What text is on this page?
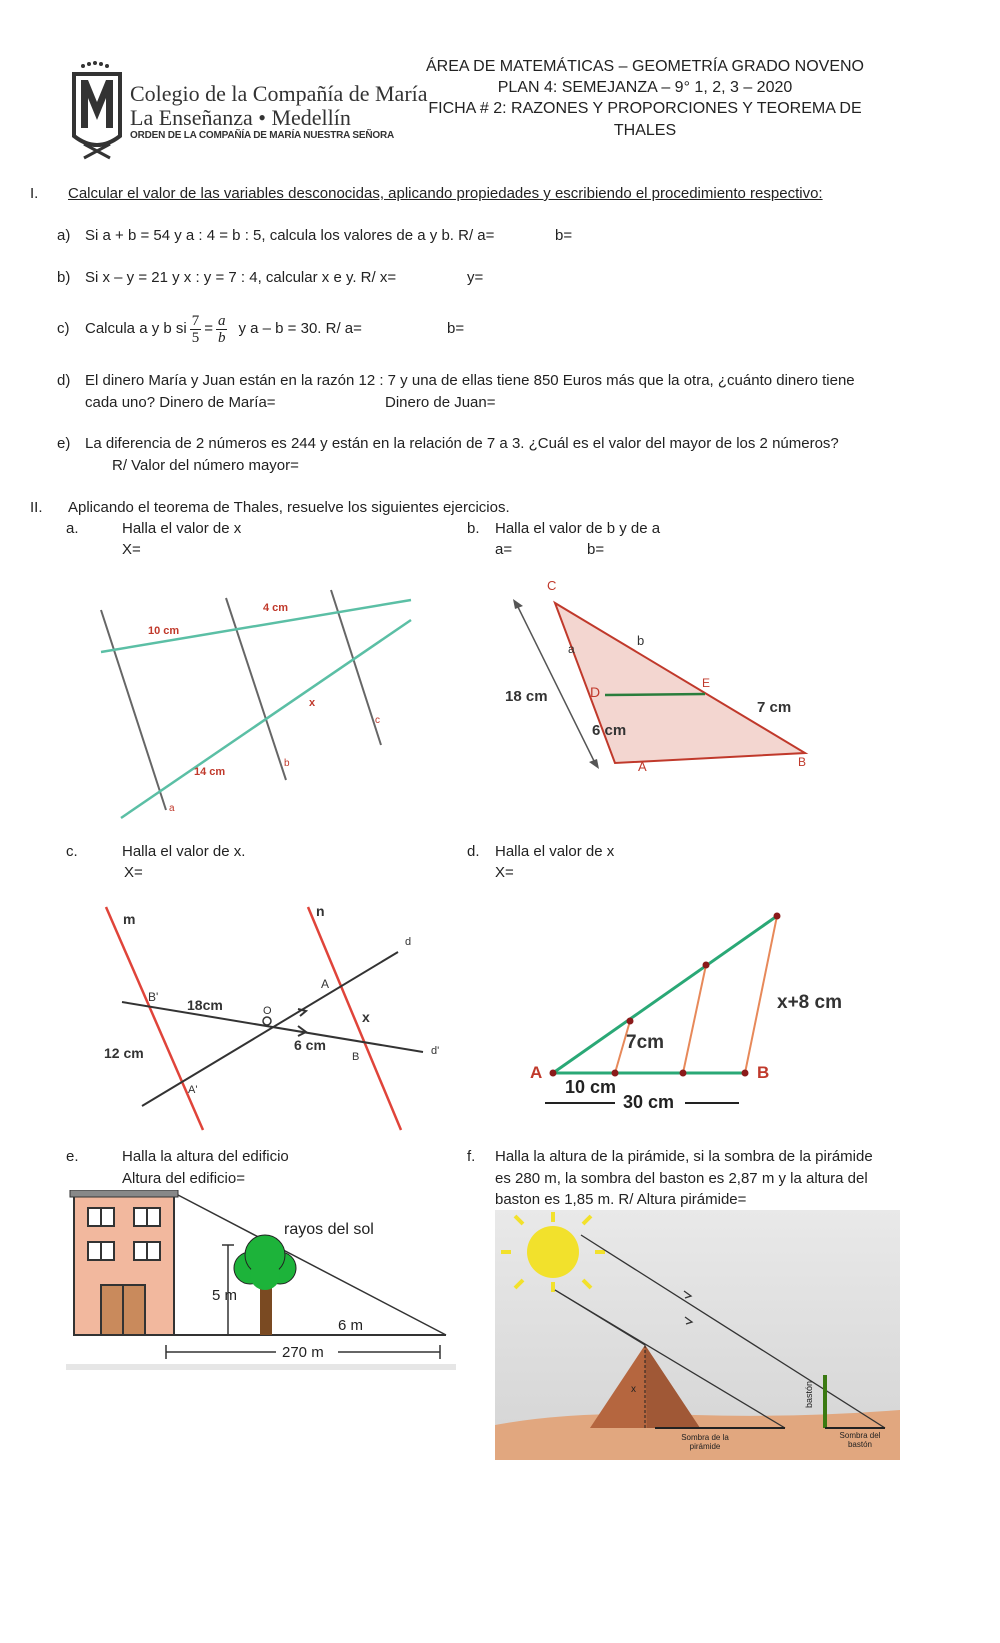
Colegio de la Compañía de María
La Enseñanza • Medellín
ORDEN DE LA COMPAÑÍA DE MARÍA NUESTRA SEÑORA
ÁREA DE MATEMÁTICAS – GEOMETRÍA GRADO NOVENO
PLAN 4: SEMEJANZA – 9° 1, 2, 3 – 2020
FICHA # 2: RAZONES Y PROPORCIONES Y TEOREMA DE THALES
I. Calcular el valor de las variables desconocidas, aplicando propiedades y escribiendo el procedimiento respectivo:
a) Si a + b = 54 y a : 4 = b : 5, calcula los valores de a y b. R/ a=	b=
b) Si x – y = 21 y x : y = 7 : 4, calcular x e y. R/ x=	y=
c) Calcula a y b si $\frac{7}{5} = \frac{a}{b}$ y a – b = 30. R/ a=	b=
d) El dinero María y Juan están en la razón 12 : 7 y una de ellas tiene 850 Euros más que la otra, ¿cuánto dinero tiene
cada uno? Dinero de María=	Dinero de Juan=
e) La diferencia de 2 números es 244 y están en la relación de 7 a 3. ¿Cuál es el valor del mayor de los 2 números?
R/ Valor del número mayor=
II. Aplicando el teorema de Thales, resuelve los siguientes ejercicios.
a.	Halla el valor de x
X=
b. Halla el valor de b y de a
a=	b=
10 cm
4 cm
x
c
14 cm
b
a
C
b
a
E
D
18 cm
7 cm
6 cm
A	B
c.	Halla el valor de x.
X=
d. Halla el valor de x
X=
m	n
d
A
B' 18cm	O	x
6 cm	d'
12 cm	B
A'
x+8 cm
7cm
A	B
10 cm
30 cm
e.	Halla la altura del edificio
Altura del edificio=
f. Halla la altura de la pirámide, si la sombra de la pirámide
es 280 m, la sombra del baston es 2,87 m y la altura del
baston es 1,85 m. R/ Altura pirámide=
rayos del sol
5 m
6 m
270 m
x	bastón
Sombra de la
pirámide
Sombra del
bastón
